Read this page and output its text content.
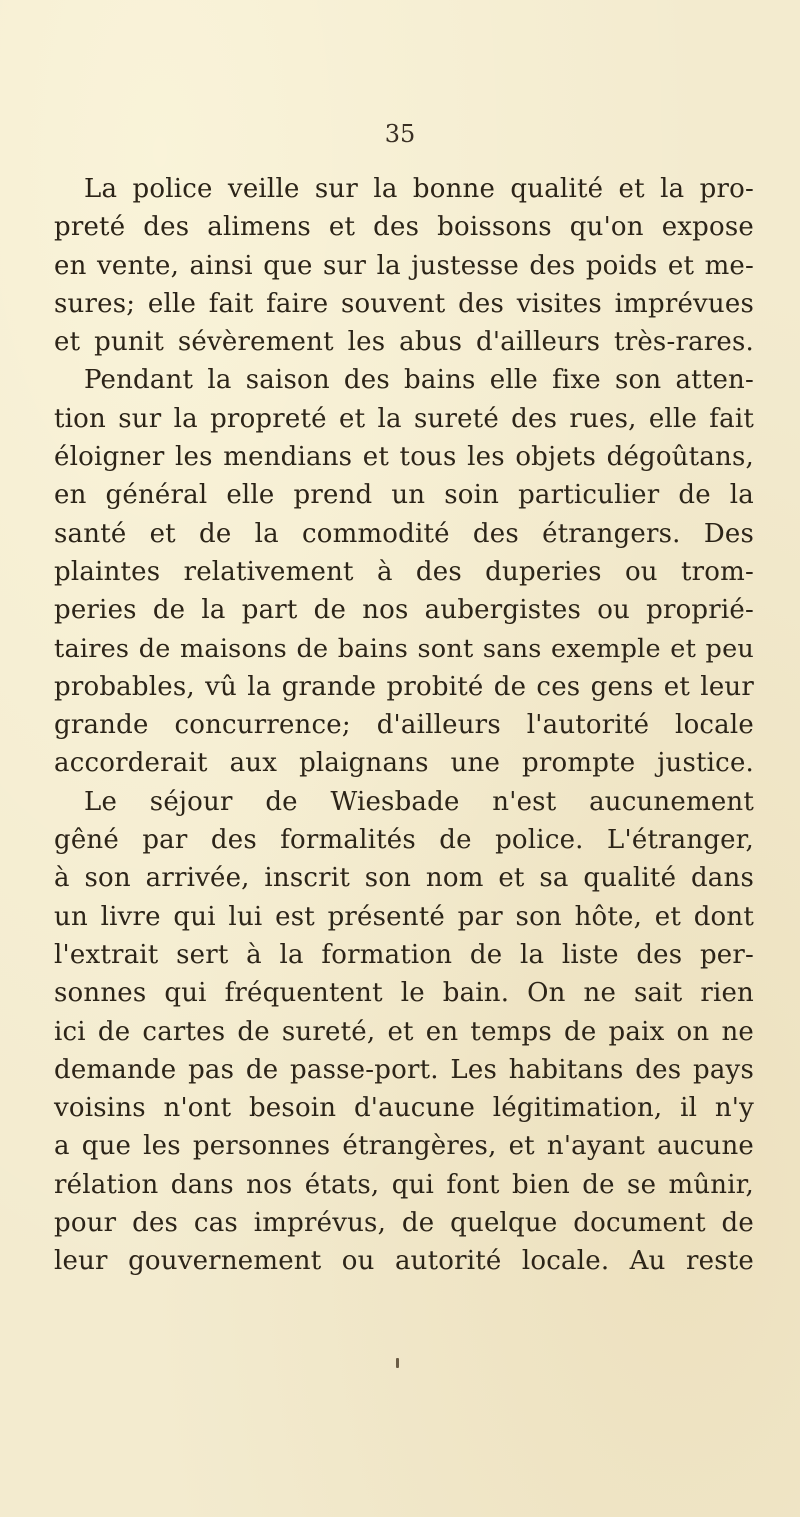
35
La police veille sur la bonne qualité et la pro-
preté des alimens et des boissons qu'on expose
en vente, ainsi que sur la justesse des poids et me-
sures; elle fait faire souvent des visites imprévues
et punit sévèrement les abus d'ailleurs très-rares.
Pendant la saison des bains elle fixe son atten-
tion sur la propreté et la sureté des rues, elle fait
éloigner les mendians et tous les objets dégoûtans,
en général elle prend un soin particulier de la
santé et de la commodité des étrangers. Des
plaintes relativement à des duperies ou trom-
peries de la part de nos aubergistes ou proprié-
taires de maisons de bains sont sans exemple et peu
probables, vû la grande probité de ces gens et leur
grande concurrence; d'ailleurs l'autorité locale
accorderait aux plaignans une prompte justice.
Le séjour de Wiesbade n'est aucunement
gêné par des formalités de police. L'étranger,
à son arrivée, inscrit son nom et sa qualité dans
un livre qui lui est présenté par son hôte, et dont
l'extrait sert à la formation de la liste des per-
sonnes qui fréquentent le bain. On ne sait rien
ici de cartes de sureté, et en temps de paix on ne
demande pas de passe-port. Les habitans des pays
voisins n'ont besoin d'aucune légitimation, il n'y
a que les personnes étrangères, et n'ayant aucune
rélation dans nos états, qui font bien de se mûnir,
pour des cas imprévus, de quelque document de
leur gouvernement ou autorité locale. Au reste
